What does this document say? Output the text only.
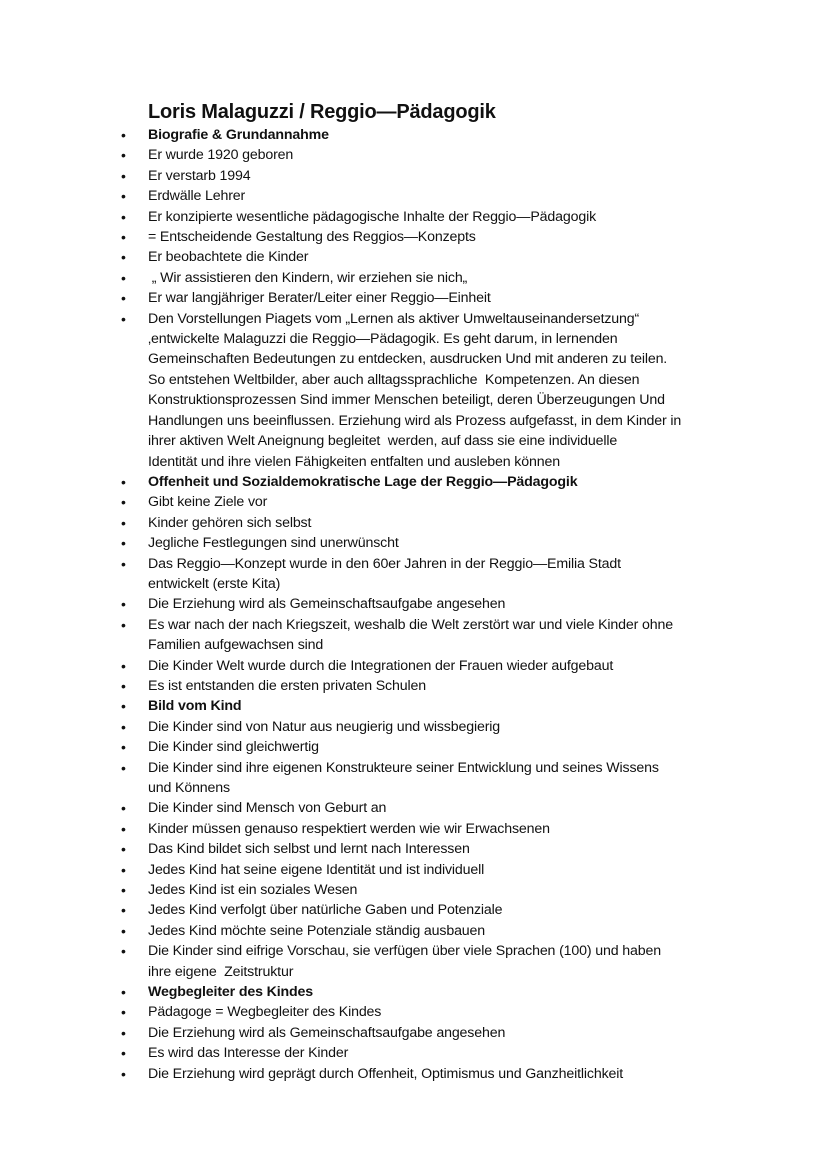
Loris Malaguzzi / Reggio—Pädagogik
• Biografie & Grundannahme
• Er wurde 1920 geboren
• Er verstarb 1994
• Erdwälle Lehrer
• Er konzipierte wesentliche pädagogische Inhalte der Reggio—Pädagogik
• = Entscheidende Gestaltung des Reggios—Konzepts
• Er beobachtete die Kinder
• „ Wir assistieren den Kindern, wir erziehen sie nich„
• Er war langjähriger Berater/Leiter einer Reggio—Einheit
• Den Vorstellungen Piagets vom „Lernen als aktiver Umweltauseinandersetzung“
‚entwickelte Malaguzzi die Reggio—Pädagogik. Es geht darum, in lernenden
Gemeinschaften Bedeutungen zu entdecken, ausdrucken Und mit anderen zu teilen.
So entstehen Weltbilder, aber auch alltagssprachliche  Kompetenzen. An diesen
Konstruktionsprozessen Sind immer Menschen beteiligt, deren Überzeugungen Und
Handlungen uns beeinflussen. Erziehung wird als Prozess aufgefasst, in dem Kinder in
ihrer aktiven Welt Aneignung begleitet  werden, auf dass sie eine individuelle
Identität und ihre vielen Fähigkeiten entfalten und ausleben können
• Offenheit und Sozialdemokratische Lage der Reggio—Pädagogik
• Gibt keine Ziele vor
• Kinder gehören sich selbst
• Jegliche Festlegungen sind unerwünscht
• Das Reggio—Konzept wurde in den 60er Jahren in der Reggio—Emilia Stadt
entwickelt (erste Kita)
• Die Erziehung wird als Gemeinschaftsaufgabe angesehen
• Es war nach der nach Kriegszeit, weshalb die Welt zerstört war und viele Kinder ohne
Familien aufgewachsen sind
• Die Kinder Welt wurde durch die Integrationen der Frauen wieder aufgebaut
• Es ist entstanden die ersten privaten Schulen
• Bild vom Kind
• Die Kinder sind von Natur aus neugierig und wissbegierig
• Die Kinder sind gleichwertig
• Die Kinder sind ihre eigenen Konstrukteure seiner Entwicklung und seines Wissens
und Könnens
• Die Kinder sind Mensch von Geburt an
• Kinder müssen genauso respektiert werden wie wir Erwachsenen
• Das Kind bildet sich selbst und lernt nach Interessen
• Jedes Kind hat seine eigene Identität und ist individuell
• Jedes Kind ist ein soziales Wesen
• Jedes Kind verfolgt über natürliche Gaben und Potenziale
• Jedes Kind möchte seine Potenziale ständig ausbauen
• Die Kinder sind eifrige Vorschau, sie verfügen über viele Sprachen (100) und haben
ihre eigene  Zeitstruktur
• Wegbegleiter des Kindes
• Pädagoge = Wegbegleiter des Kindes
• Die Erziehung wird als Gemeinschaftsaufgabe angesehen
• Es wird das Interesse der Kinder
• Die Erziehung wird geprägt durch Offenheit, Optimismus und Ganzheitlichkeit
